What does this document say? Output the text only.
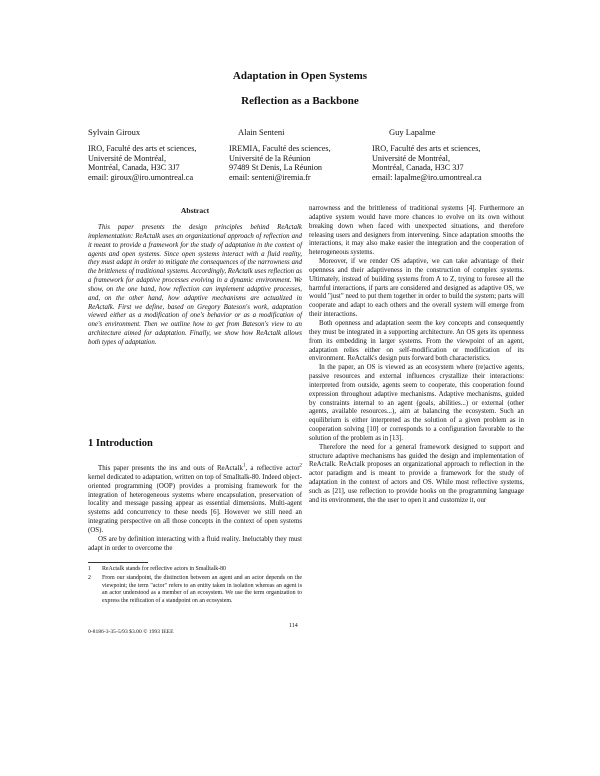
Adaptation in Open Systems
Reflection as a Backbone
Sylvain Giroux	Alain Senteni	Guy Lapalme
IRO, Faculté des arts et sciences,
Université de Montréal,
Montréal, Canada, H3C 3J7
email: giroux@iro.umontreal.ca
IREMIA, Faculté des sciences,
Université de la Réunion
97489 St Denis, La Réunion
email: senteni@iremia.fr
IRO, Faculté des arts et sciences,
Université de Montréal,
Montréal, Canada, H3C 3J7
email: lapalme@iro.umontreal.ca
Abstract

This paper presents the design principles behind ReActalk implementation: ReActalk uses an organizational approach of reflection and it meant to provide a framework for the study of adaptation in the context of agents and open systems. Since open systems interact with a fluid reality, they must adapt in order to mitigate the consequences of the narrowness and the brittleness of traditional systems. Accordingly, ReActalk uses reflection as a framework for adaptive processes evolving in a dynamic environment. We show, on the one hand, how reflection can implement adaptive processes, and, on the other hand, how adaptive mechanisms are actualized in ReActalk. First we define, based on Gregory Bateson's work, adaptation viewed either as a modification of one's behavior or as a modification of one's environment. Then we outline how to get from Bateson's view to an architecture aimed for adaptation. Finally, we show how ReActalk allows both types of adaptation.

1 Introduction

This paper presents the ins and outs of ReActalk$^1$, a reflective actor$^2$ kernel dedicated to adaptation, written on top of Smalltalk-80. Indeed object-oriented programming (OOP) provides a promising framework for the integration of heterogeneous systems where encapsulation, preservation of locality and message passing appear as essential dimensions. Multi-agent systems add concurrency to these needs [6]. However we still need an integrating perspective on all those concepts in the context of open systems (OS).

OS are by definition interacting with a fluid reality. Ineluctably they must adapt in order to overcome the

1 ReActalk stands for reflective actors in Smalltalk-80
2 From our standpoint, the distinction between an agent and an actor depends on the viewpoint; the term "actor" refers to an entity taken in isolation whereas an agent is an actor understood as a member of an ecosystem. We use the term organization to express the reification of a standpoint on an ecosystem.

narrowness and the brittleness of traditional systems [4]. Furthermore an adaptive system would have more chances to evolve on its own without breaking down when faced with unexpected situations, and therefore releasing users and designers from intervening. Since adaptation smooths the interactions, it may also make easier the integration and the cooperation of heterogeneous systems.

Moreover, if we render OS adaptive, we can take advantage of their openness and their adaptiveness in the construction of complex systems. Ultimately, instead of building systems from A to Z, trying to foresee all the harmful interactions, if parts are considered and designed as adaptive OS, we would "just" need to put them together in order to build the system; parts will cooperate and adapt to each others and the overall system will emerge from their interactions.

Both openness and adaptation seem the key concepts and consequently they must be integrated in a supporting architecture. An OS gets its openness from its embedding in larger systems. From the viewpoint of an agent, adaptation relies either on self-modification or modification of its environment. ReActalk's design puts forward both characteristics.

In the paper, an OS is viewed as an ecosystem where (re)active agents, passive resources and external influences crystallize their interactions: interpreted from outside, agents seem to cooperate, this cooperation found expression throughout adaptive mechanisms. Adaptive mechanisms, guided by constraints internal to an agent (goals, abilities...) or external (other agents, available resources...), aim at balancing the ecosystem. Such an equilibrium is either interpreted as the solution of a given problem as in cooperation solving [10] or corresponds to a configuration favorable to the solution of the problem as in [13].

Therefore the need for a general framework designed to support and structure adaptive mechanisms has guided the design and implementation of ReActalk. ReActalk proposes an organizational approach to reflection in the actor paradigm and is meant to provide a framework for the study of adaptation in the context of actors and OS. While most reflective systems, such as [21], use reflection to provide hooks on the programming language and its environment, the the user to open it and customize it, our

114
0-8186-3-35-5/93 $3.00 © 1993 IEEE
